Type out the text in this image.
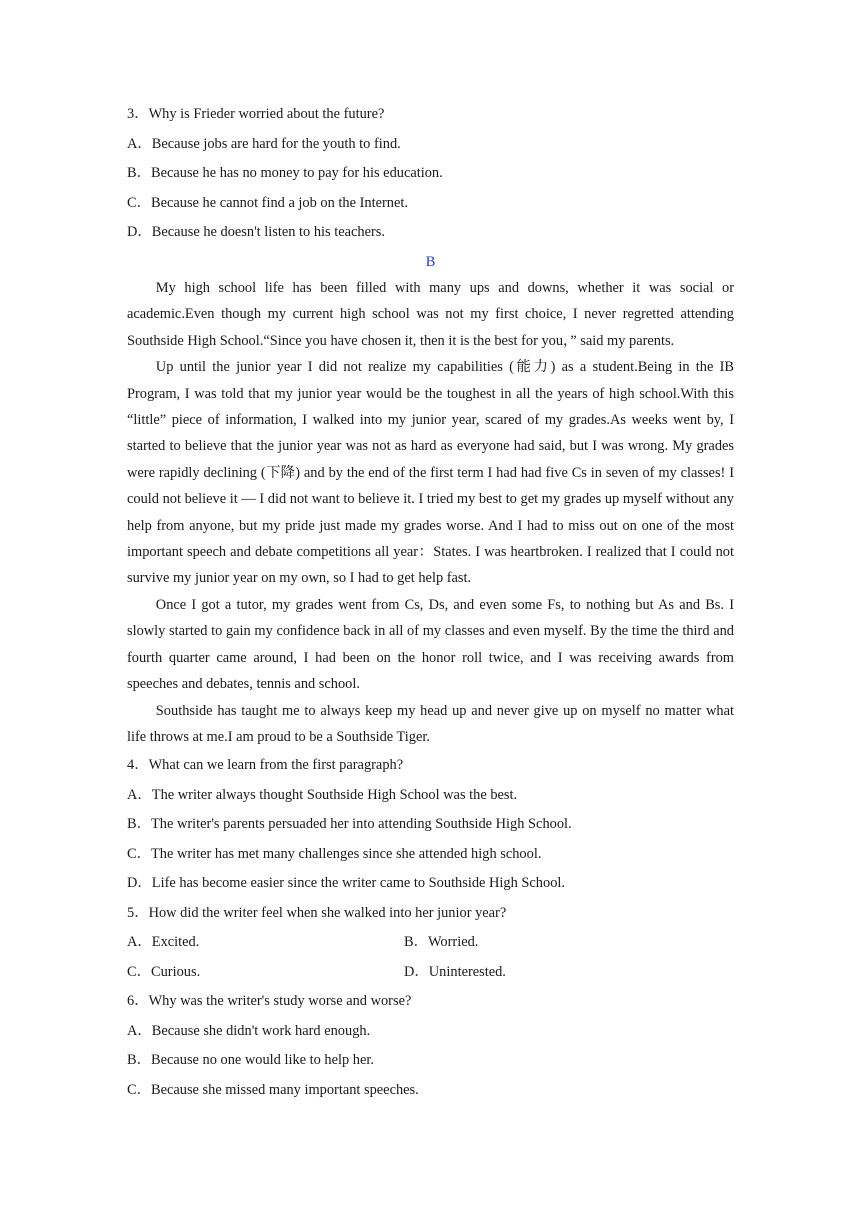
3．Why is Frieder worried about the future?
A．Because jobs are hard for the youth to find.
B．Because he has no money to pay for his education.
C．Because he cannot find a job on the Internet.
D．Because he doesn't listen to his teachers.
B

My high school life has been filled with many ups and downs, whether it was social or academic.Even though my current high school was not my first choice, I never regretted attending Southside High School.“Since you have chosen it, then it is the best for you，” said my parents.

Up until the junior year I did not realize my capabilities (能力) as a student.Being in the IB Program, I was told that my junior year would be the toughest in all the years of high school.With this “little” piece of information, I walked into my junior year, scared of my grades.As weeks went by, I started to believe that the junior year was not as hard as everyone had said, but I was wrong. My grades were rapidly declining (下降) and by the end of the first term I had had five Cs in seven of my classes! I could not believe it — I did not want to believe it. I tried my best to get my grades up myself without any help from anyone, but my pride just made my grades worse. And I had to miss out on one of the most important speech and debate competitions all year：States. I was heartbroken. I realized that I could not survive my junior year on my own, so I had to get help fast.

Once I got a tutor, my grades went from Cs, Ds, and even some Fs, to nothing but As and Bs. I slowly started to gain my confidence back in all of my classes and even myself. By the time the third and fourth quarter came around, I had been on the honor roll twice, and I was receiving awards from speeches and debates, tennis and school.

Southside has taught me to always keep my head up and never give up on myself no matter what life throws at me.I am proud to be a Southside Tiger.

4．What can we learn from the first paragraph?
A．The writer always thought Southside High School was the best.
B．The writer's parents persuaded her into attending Southside High School.
C．The writer has met many challenges since she attended high school.
D．Life has become easier since the writer came to Southside High School.
5．How did the writer feel when she walked into her junior year?
A．Excited.	B．Worried.
C．Curious.	D．Uninterested.
6．Why was the writer's study worse and worse?
A．Because she didn't work hard enough.
B．Because no one would like to help her.
C．Because she missed many important speeches.
